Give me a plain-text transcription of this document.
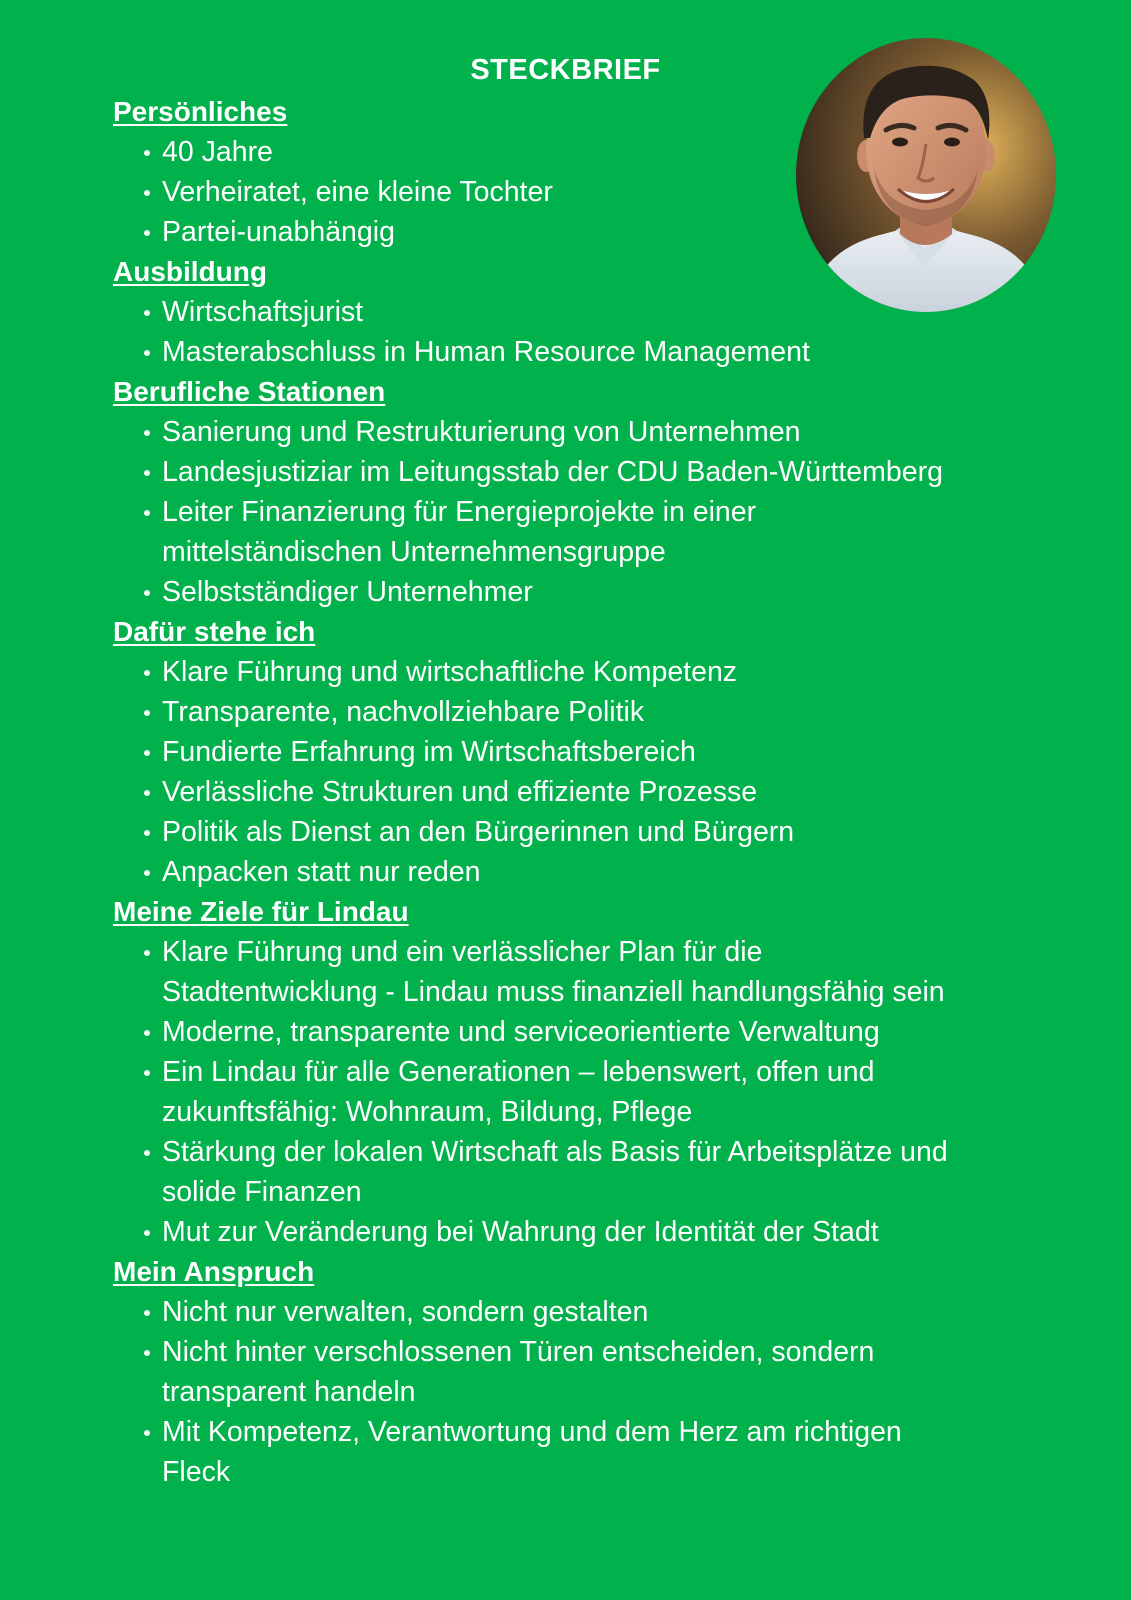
STECKBRIEF
Persönliches
40 Jahre
Verheiratet, eine kleine Tochter
Partei-unabhängig
Ausbildung
Wirtschaftsjurist
Masterabschluss in Human Resource Management
Berufliche Stationen
Sanierung und Restrukturierung von Unternehmen
Landesjustiziar im Leitungsstab der CDU Baden-Württemberg
Leiter Finanzierung für Energieprojekte in einer
mittelständischen Unternehmensgruppe
Selbstständiger Unternehmer
Dafür stehe ich
Klare Führung und wirtschaftliche Kompetenz
Transparente, nachvollziehbare Politik
Fundierte Erfahrung im Wirtschaftsbereich
Verlässliche Strukturen und effiziente Prozesse
Politik als Dienst an den Bürgerinnen und Bürgern
Anpacken statt nur reden
Meine Ziele für Lindau
Klare Führung und ein verlässlicher Plan für die
Stadtentwicklung - Lindau muss finanziell handlungsfähig sein
Moderne, transparente und serviceorientierte Verwaltung
Ein Lindau für alle Generationen – lebenswert, offen und
zukunftsfähig: Wohnraum, Bildung, Pflege
Stärkung der lokalen Wirtschaft als Basis für Arbeitsplätze und
solide Finanzen
Mut zur Veränderung bei Wahrung der Identität der Stadt
Mein Anspruch
Nicht nur verwalten, sondern gestalten
Nicht hinter verschlossenen Türen entscheiden, sondern
transparent handeln
Mit Kompetenz, Verantwortung und dem Herz am richtigen
Fleck
